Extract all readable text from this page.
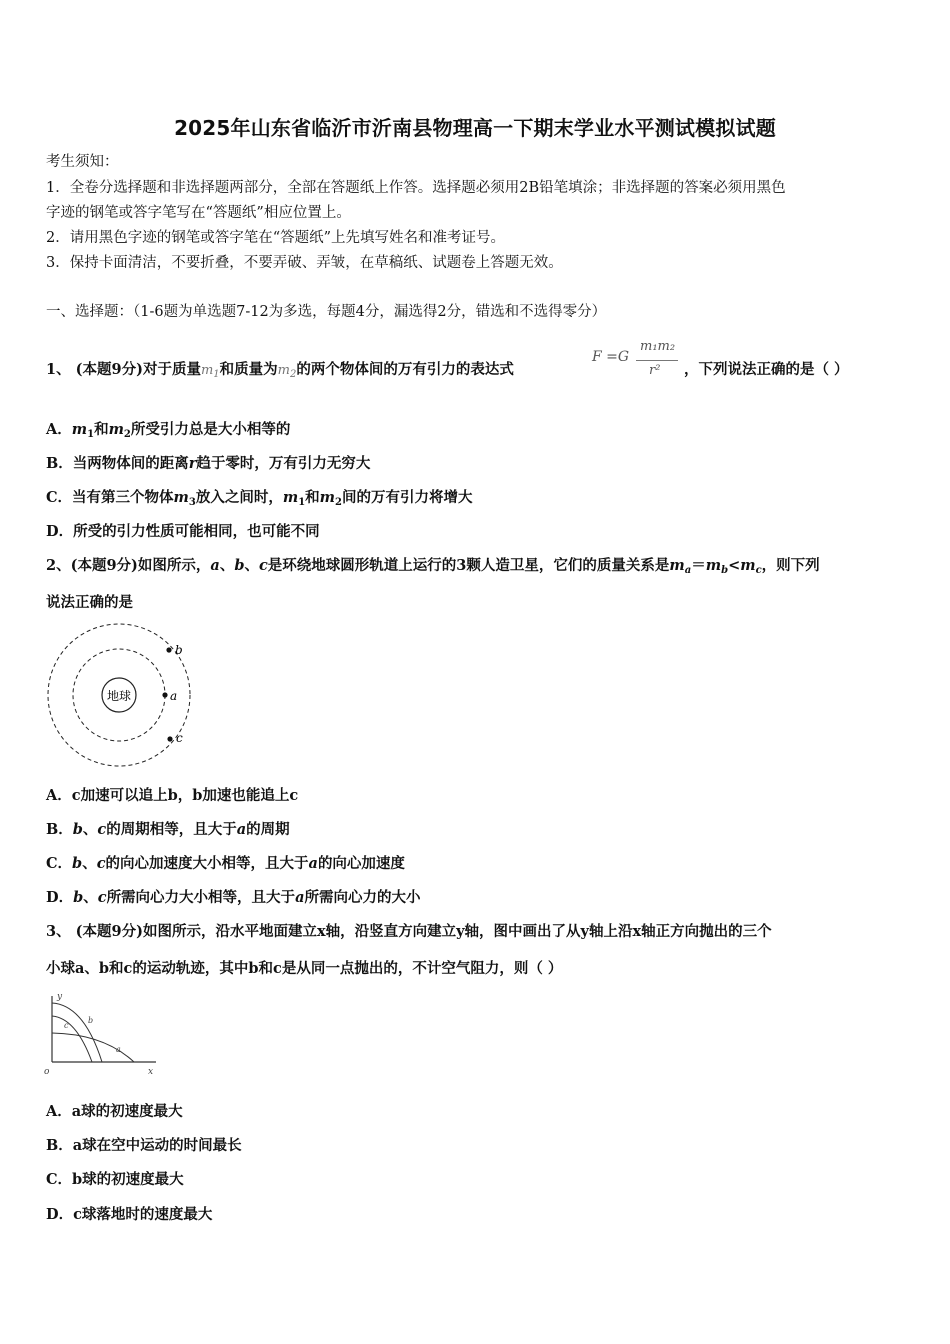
2025年山东省临沂市沂南县物理高一下期末学业水平测试模拟试题
考生须知：
1．全卷分选择题和非选择题两部分，全部在答题纸上作答。选择题必须用2B铅笔填涂；非选择题的答案必须用黑色
字迹的钢笔或答字笔写在“答题纸”相应位置上。
2．请用黑色字迹的钢笔或答字笔在“答题纸”上先填写姓名和准考证号。
3．保持卡面清洁，不要折叠，不要弄破、弄皱，在草稿纸、试题卷上答题无效。
一、选择题：（1-6题为单选题7-12为多选，每题4分，漏选得2分，错选和不选得零分）
1、 (本题9分)对于质量$m_1$和质量为$m_2$的两个物体间的万有引力的表达式
F =G
m₁m₂
r² ，下列说法正确的是（ ）
A．$m_1$和$m_2$所受引力总是大小相等的
B．当两物体间的距离r趋于零时，万有引力无穷大
C．当有第三个物体$m_3$放入之间时，$m_1$和$m_2$间的万有引力将增大
D．所受的引力性质可能相同，也可能不同
2、(本题9分)如图所示，a、b、c是环绕地球圆形轨道上运行的3颗人造卫星，它们的质量关系是$m_a=m_b<m_c$，则下列
说法正确的是
地球	a
b
c
A．c加速可以追上b，b加速也能追上c
B．b、c的周期相等，且大于a的周期
C．b、c的向心加速度大小相等，且大于a的向心加速度
D．b、c所需向心力大小相等，且大于a所需向心力的大小
3、 (本题9分)如图所示，沿水平地面建立x轴，沿竖直方向建立y轴，图中画出了从y轴上沿x轴正方向抛出的三个
小球a、b和c的运动轨迹，其中b和c是从同一点抛出的，不计空气阻力，则（ ）
y
x
o
b
c
a
A．a球的初速度最大
B．a球在空中运动的时间最长
C．b球的初速度最大
D．c球落地时的速度最大
